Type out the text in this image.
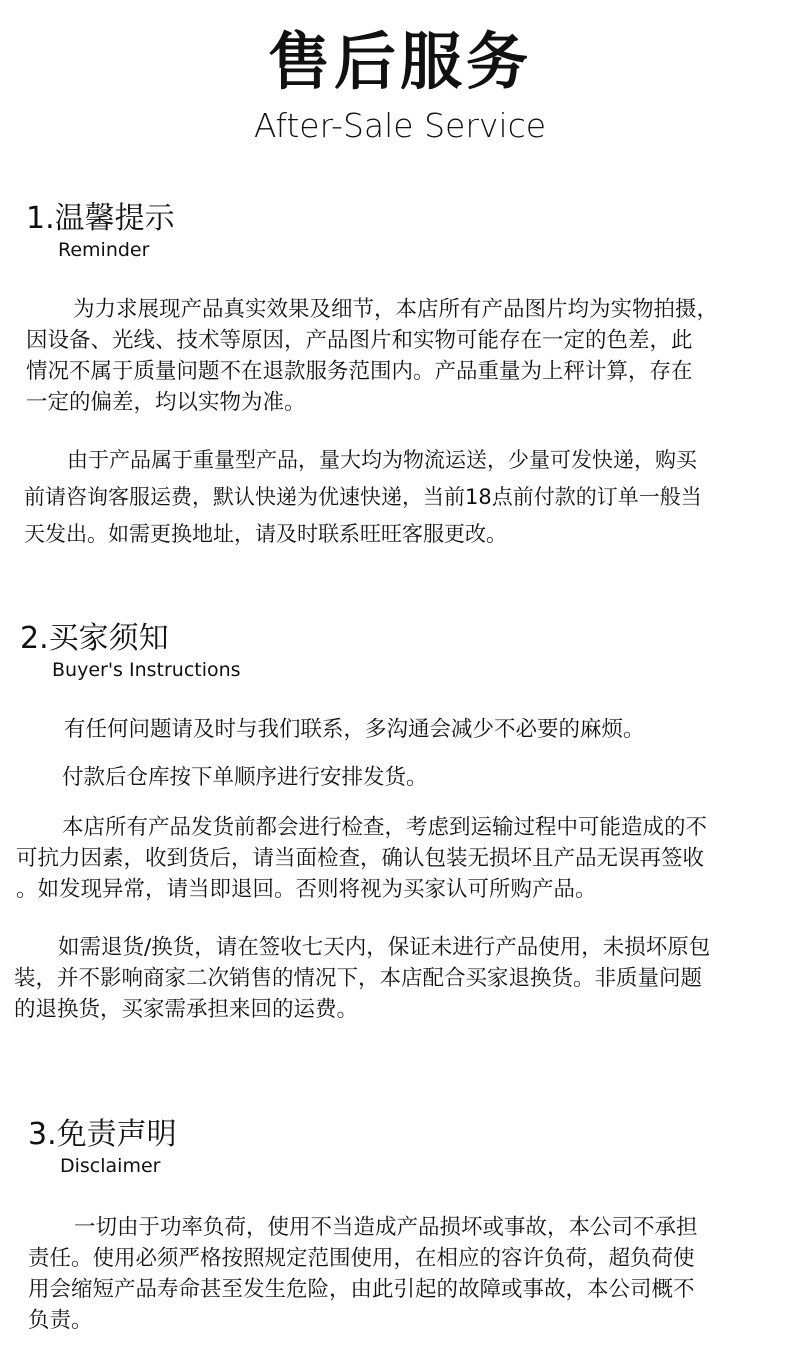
售后服务
After-Sale Service
1.温馨提示
Reminder

为力求展现产品真实效果及细节，本店所有产品图片均为实物拍摄，
因设备、光线、技术等原因，产品图片和实物可能存在一定的色差，此
情况不属于质量问题不在退款服务范围内。产品重量为上秤计算，存在
一定的偏差，均以实物为准。

由于产品属于重量型产品，量大均为物流运送，少量可发快递，购买
前请咨询客服运费，默认快递为优速快递，当前18点前付款的订单一般当
天发出。如需更换地址，请及时联系旺旺客服更改。

2.买家须知
Buyer's Instructions

有任何问题请及时与我们联系，多沟通会减少不必要的麻烦。

付款后仓库按下单顺序进行安排发货。

本店所有产品发货前都会进行检查，考虑到运输过程中可能造成的不
可抗力因素，收到货后，请当面检查，确认包装无损坏且产品无误再签收
。如发现异常，请当即退回。否则将视为买家认可所购产品。

如需退货/换货，请在签收七天内，保证未进行产品使用，未损坏原包
装，并不影响商家二次销售的情况下，本店配合买家退换货。非质量问题
的退换货，买家需承担来回的运费。

3.免责声明
Disclaimer

一切由于功率负荷，使用不当造成产品损坏或事故，本公司不承担
责任。使用必须严格按照规定范围使用，在相应的容许负荷，超负荷使
用会缩短产品寿命甚至发生危险，由此引起的故障或事故，本公司概不
负责。
